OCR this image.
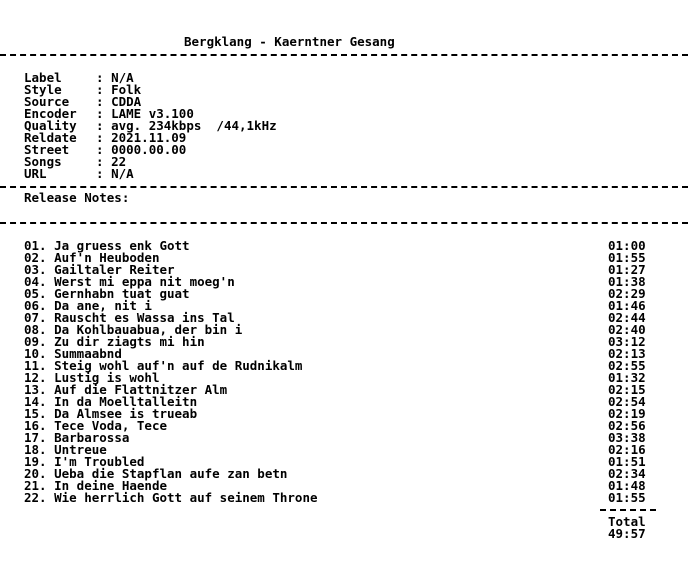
Bergklang - Kaerntner Gesang
Label	: N/A
Style	: Folk
Source : CDDA
Encoder : LAME v3.100
Quality : avg. 234kbps  /44,1kHz
Reldate : 2021.11.09
Street : 0000.00.00
Songs	: 22
URL	: N/A
Release Notes:
01. Ja gruess enk Gott	01:00
02. Auf'n Heuboden	01:55
03. Gailtaler Reiter	01:27
04. Werst mi eppa nit moeg'n	01:38
05. Gernhabn tuat guat	02:29
06. Da ane, nit i	01:46
07. Rauscht es Wassa ins Tal	02:44
08. Da Kohlbauabua, der bin i	02:40
09. Zu dir ziagts mi hin	03:12
10. Summaabnd	02:13
11. Steig wohl auf'n auf de Rudnikalm	02:55
12. Lustig is wohl	01:32
13. Auf die Flattnitzer Alm	02:15
14. In da Moelltalleitn	02:54
15. Da Almsee is trueab	02:19
16. Tece Voda, Tece	02:56
17. Barbarossa	03:38
18. Untreue	02:16
19. I'm Troubled	01:51
20. Ueba die Stapflan aufe zan betn	02:34
21. In deine Haende	01:48
22. Wie herrlich Gott auf seinem Throne	01:55
Total
49:57
